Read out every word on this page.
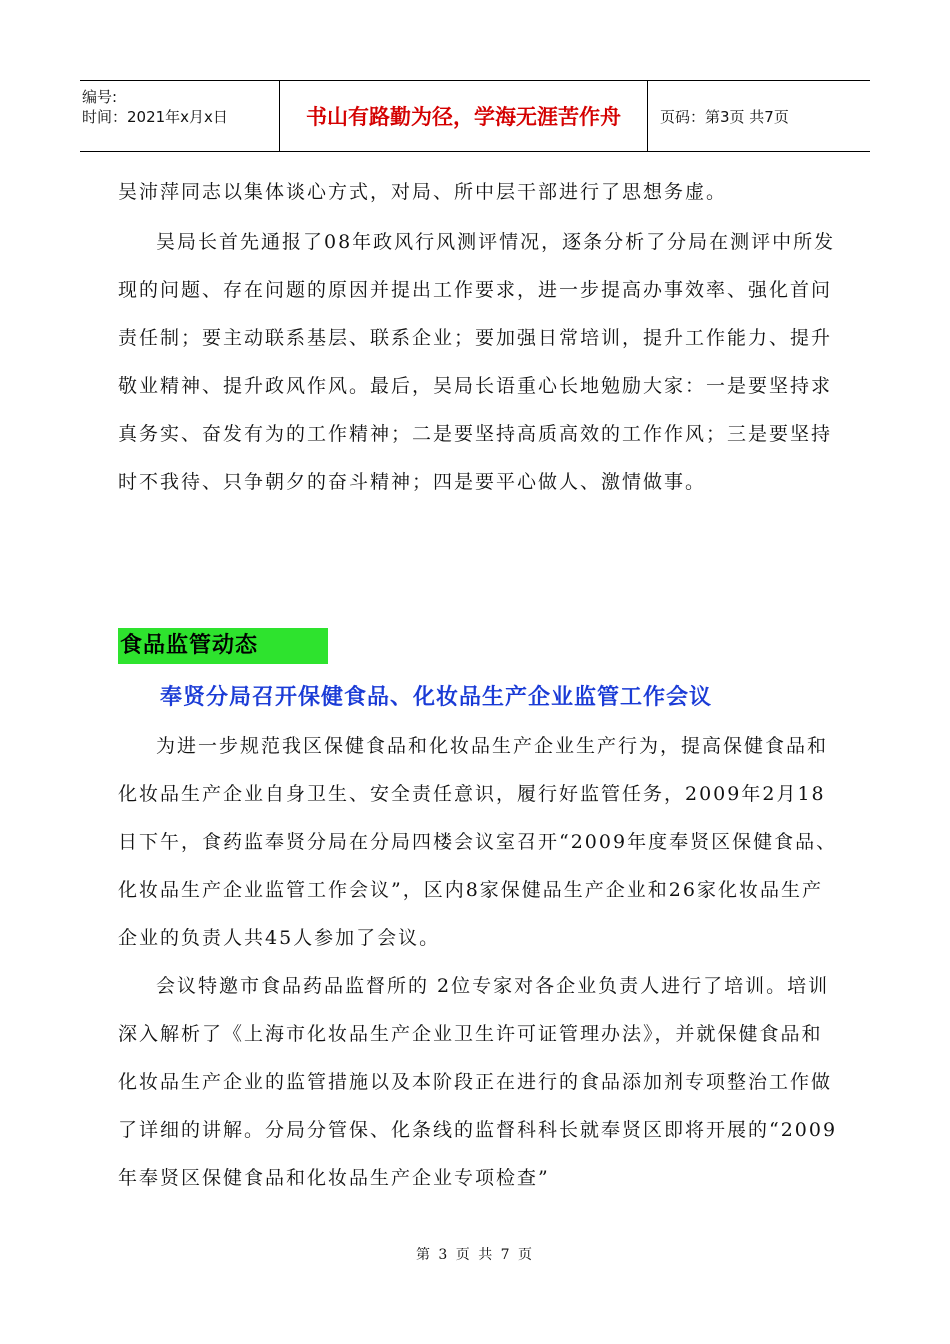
编号:
时间：2021年x月x日	书山有路勤为径，学海无涯苦作舟	页码：第3页 共7页

吴沛萍同志以集体谈心方式，对局、所中层干部进行了思想务虚。

吴局长首先通报了08年政风行风测评情况，逐条分析了分局在测评中所发现的问题、存在问题的原因并提出工作要求，进一步提高办事效率、强化首问责任制；要主动联系基层、联系企业；要加强日常培训，提升工作能力、提升敬业精神、提升政风作风。最后，吴局长语重心长地勉励大家：一是要坚持求真务实、奋发有为的工作精神；二是要坚持高质高效的工作作风；三是要坚持时不我待、只争朝夕的奋斗精神；四是要平心做人、激情做事。

食品监管动态
奉贤分局召开保健食品、化妆品生产企业监管工作会议

为进一步规范我区保健食品和化妆品生产企业生产行为，提高保健食品和化妆品生产企业自身卫生、安全责任意识，履行好监管任务，2009年2月18日下午，食药监奉贤分局在分局四楼会议室召开“2009年度奉贤区保健食品、化妆品生产企业监管工作会议”，区内8家保健品生产企业和26家化妆品生产企业的负责人共45人参加了会议。

会议特邀市食品药品监督所的 2位专家对各企业负责人进行了培训。培训深入解析了《上海市化妆品生产企业卫生许可证管理办法》，并就保健食品和化妆品生产企业的监管措施以及本阶段正在进行的食品添加剂专项整治工作做了详细的讲解。分局分管保、化条线的监督科科长就奉贤区即将开展的“2009年奉贤区保健食品和化妆品生产企业专项检查”

第 3 页 共 7 页
